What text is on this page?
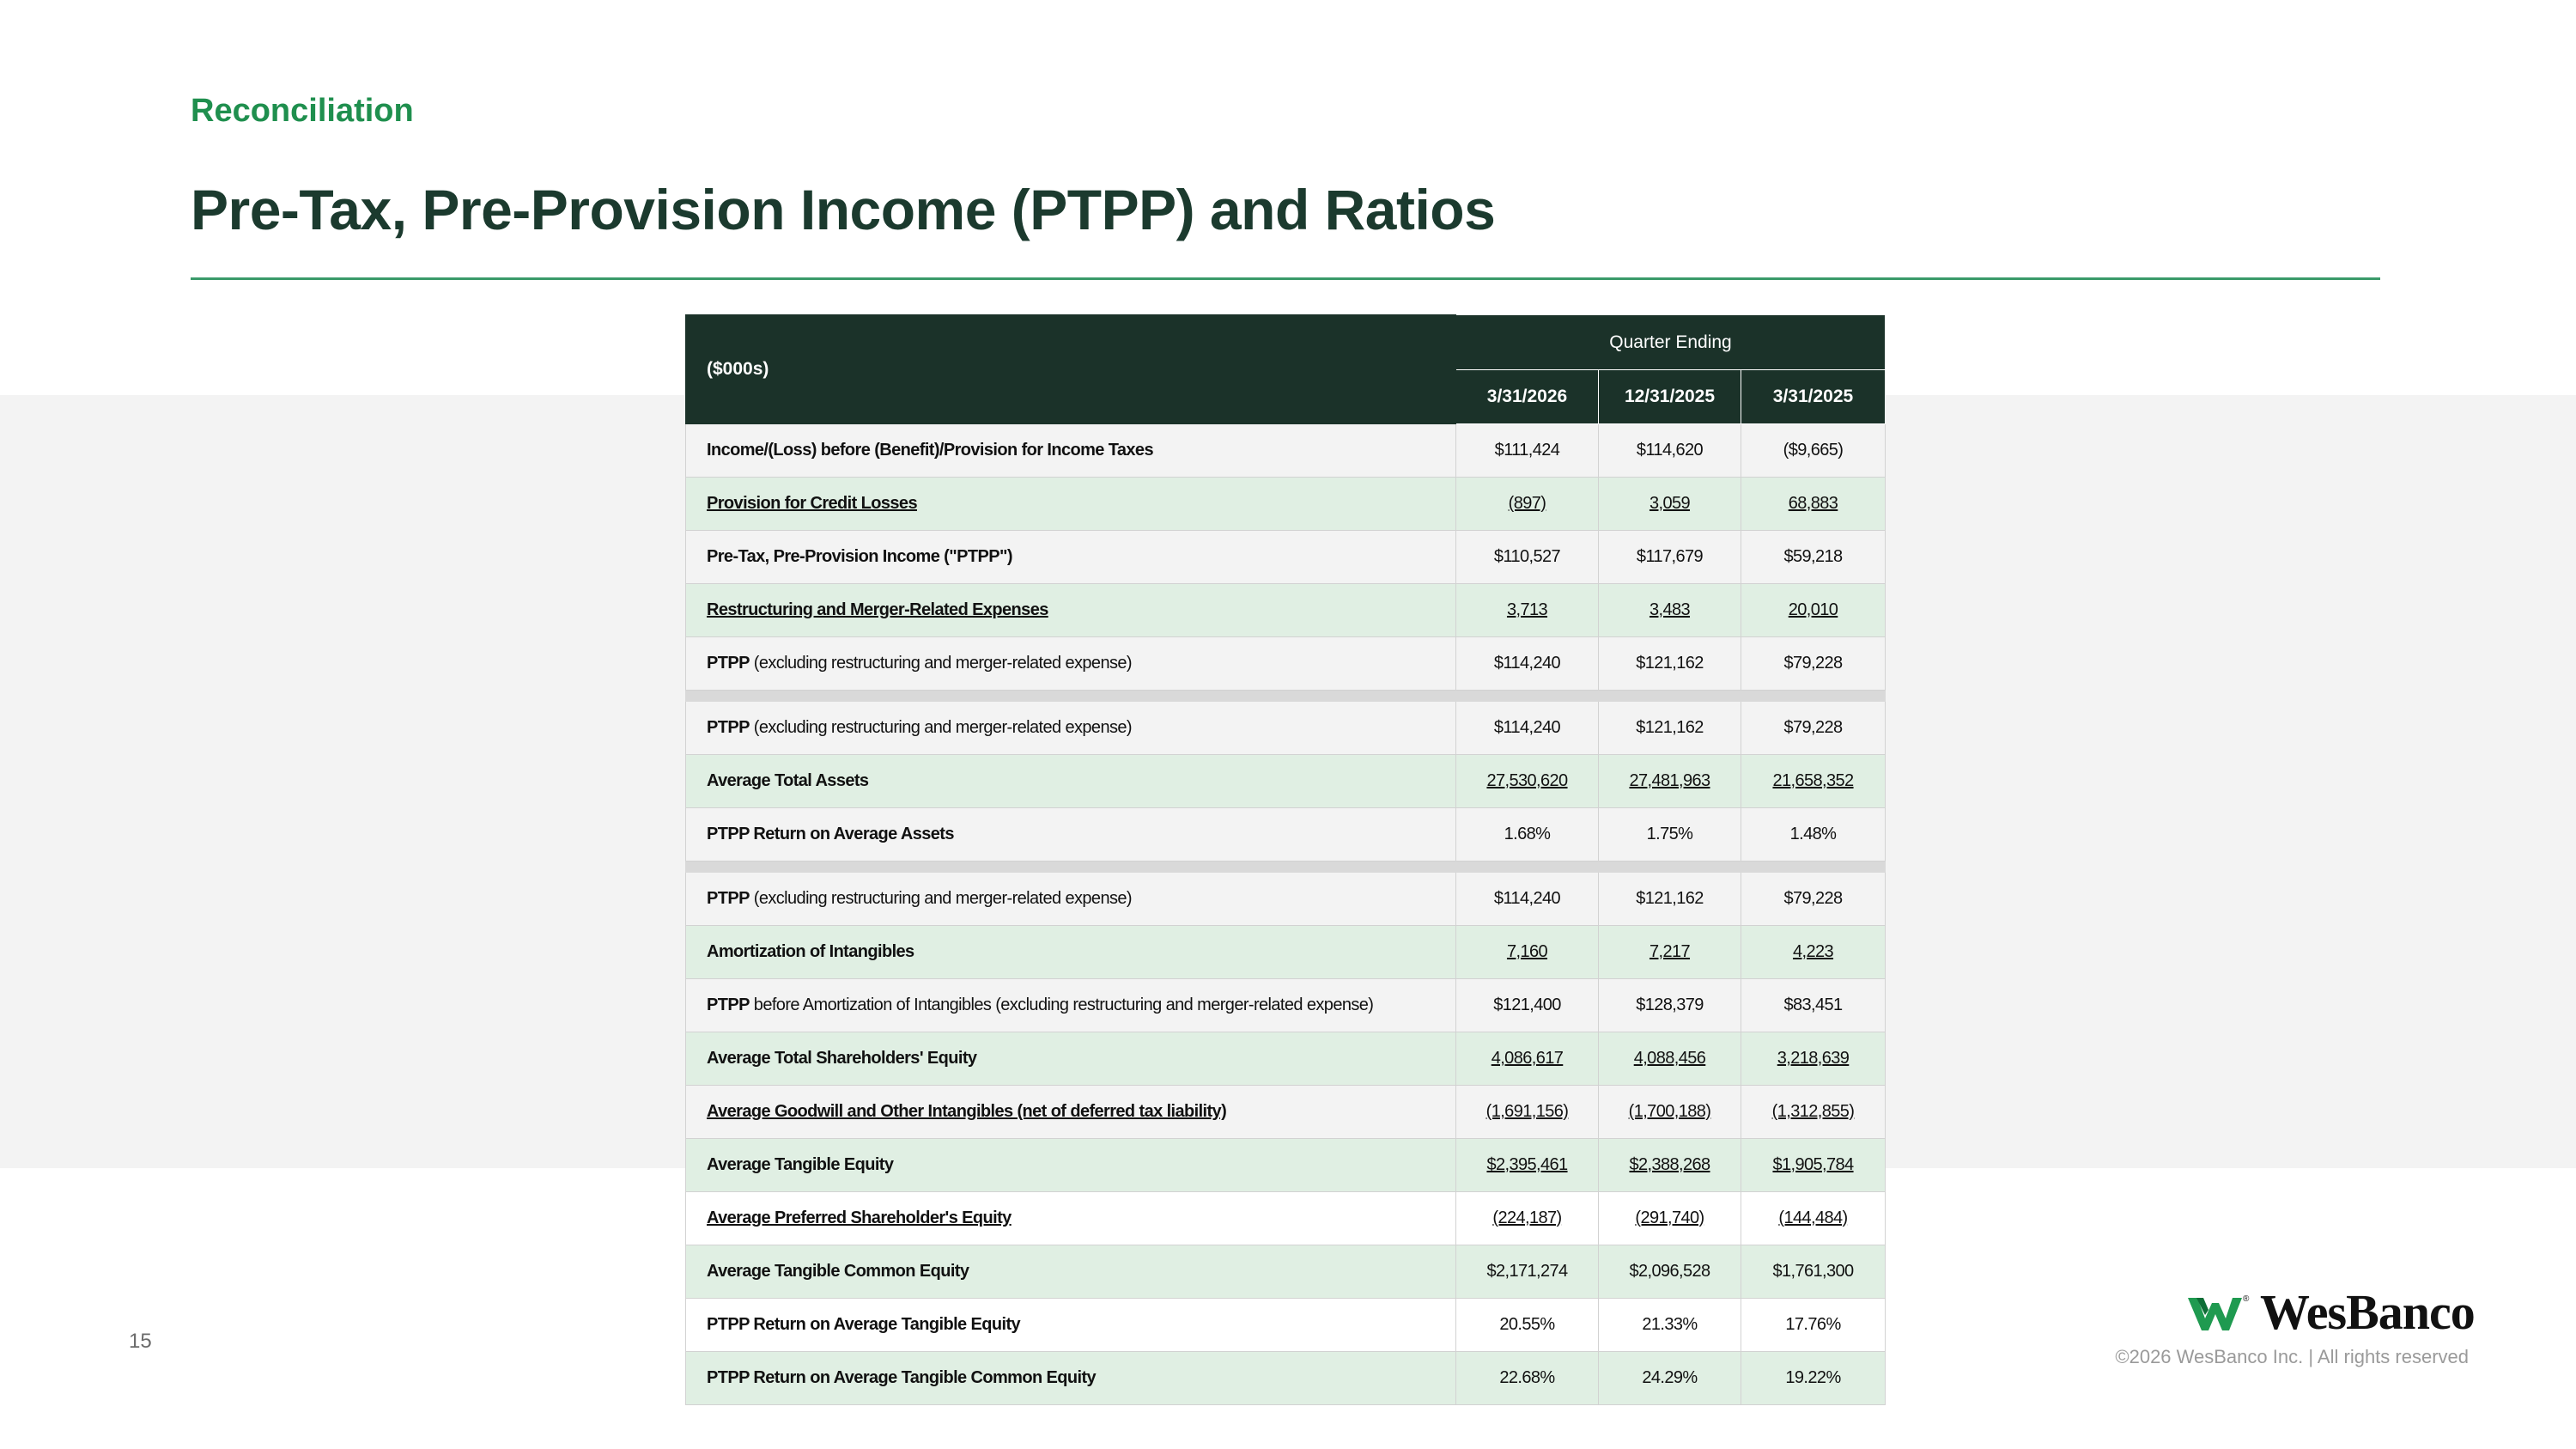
Reconciliation
Pre-Tax, Pre-Provision Income (PTPP) and Ratios
($000s)	Quarter Ending		
	3/31/2026	12/31/2025	3/31/2025
Income/(Loss) before (Benefit)/Provision for Income Taxes	$111,424	$114,620	($9,665)
Provision for Credit Losses	(897)	3,059	68,883
Pre-Tax, Pre-Provision Income ("PTPP")	$110,527	$117,679	$59,218
Restructuring and Merger-Related Expenses	3,713	3,483	20,010
PTPP (excluding restructuring and merger-related expense)	$114,240	$121,162	$79,228

PTPP (excluding restructuring and merger-related expense)	$114,240	$121,162	$79,228
Average Total Assets	27,530,620	27,481,963	21,658,352
PTPP Return on Average Assets	1.68%	1.75%	1.48%

PTPP (excluding restructuring and merger-related expense)	$114,240	$121,162	$79,228
Amortization of Intangibles	7,160	7,217	4,223
PTPP before Amortization of Intangibles (excluding restructuring and merger-related expense)	$121,400	$128,379	$83,451
Average Total Shareholders' Equity	4,086,617	4,088,456	3,218,639
Average Goodwill and Other Intangibles (net of deferred tax liability)	(1,691,156)	(1,700,188)	(1,312,855)
Average Tangible Equity	$2,395,461	$2,388,268	$1,905,784
Average Preferred Shareholder's Equity	(224,187)	(291,740)	(144,484)
Average Tangible Common Equity	$2,171,274	$2,096,528	$1,761,300
PTPP Return on Average Tangible Equity	20.55%	21.33%	17.76%
PTPP Return on Average Tangible Common Equity	22.68%	24.29%	19.22%
15
® WesBanco
©2026 WesBanco Inc. | All rights reserved
